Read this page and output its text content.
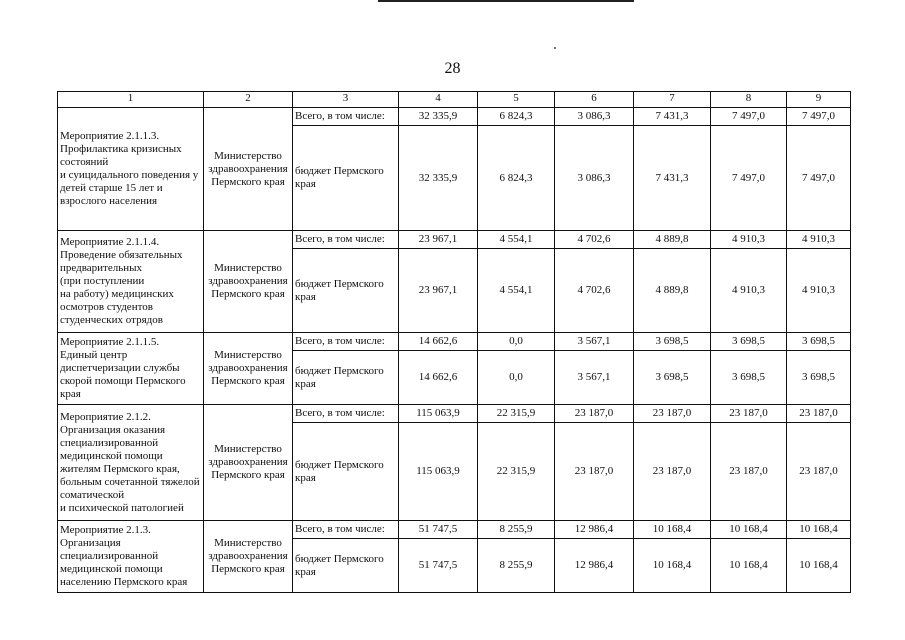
28
1	2	3	4	5	6	7	8	9
Мероприятие 2.1.1.3.
Профилактика кризисных состояний
и суицидального поведения у детей старше 15 лет и взрослого населения	Министерство здравоохранения Пермского края	Всего, в том числе:	32 335,9	6 824,3	3 086,3	7 431,3	7 497,0	7 497,0
		бюджет Пермского края	32 335,9	6 824,3	3 086,3	7 431,3	7 497,0	7 497,0
Мероприятие 2.1.1.4.
Проведение обязательных предварительных
(при поступлении
на работу) медицинских осмотров студентов студенческих отрядов	Министерство здравоохранения Пермского края	Всего, в том числе:	23 967,1	4 554,1	4 702,6	4 889,8	4 910,3	4 910,3
		бюджет Пермского края	23 967,1	4 554,1	4 702,6	4 889,8	4 910,3	4 910,3
Мероприятие 2.1.1.5.
Единый центр диспетчеризации службы скорой помощи Пермского края	Министерство здравоохранения Пермского края	Всего, в том числе:	14 662,6	0,0	3 567,1	3 698,5	3 698,5	3 698,5
		бюджет Пермского края	14 662,6	0,0	3 567,1	3 698,5	3 698,5	3 698,5
Мероприятие 2.1.2.
Организация оказания специализированной медицинской помощи жителям Пермского края, больным сочетанной тяжелой соматической
и психической патологией	Министерство здравоохранения Пермского края	Всего, в том числе:	115 063,9	22 315,9	23 187,0	23 187,0	23 187,0	23 187,0
		бюджет Пермского края	115 063,9	22 315,9	23 187,0	23 187,0	23 187,0	23 187,0
Мероприятие 2.1.3.
Организация специализированной медицинской помощи населению Пермского края	Министерство здравоохранения Пермского края	Всего, в том числе:	51 747,5	8 255,9	12 986,4	10 168,4	10 168,4	10 168,4
		бюджет Пермского края	51 747,5	8 255,9	12 986,4	10 168,4	10 168,4	10 168,4
